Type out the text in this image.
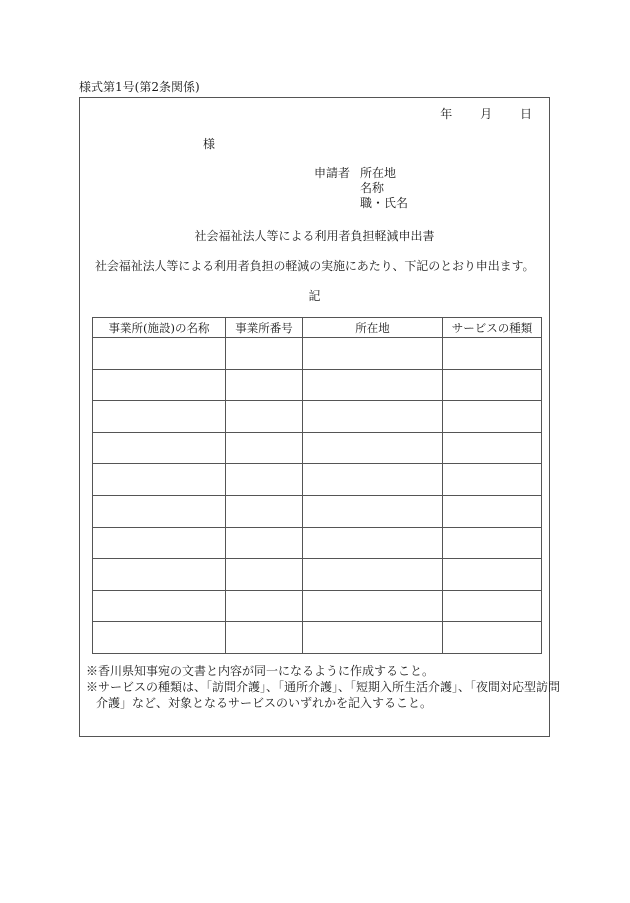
様式第1号(第2条関係)
年 月 日
様
申請者 所在地
名称
職・氏名
社会福祉法人等による利用者負担軽減申出書
社会福祉法人等による利用者負担の軽減の実施にあたり、下記のとおり申出ます。
記
事業所(施設)の名称	事業所番号	所在地	サービスの種類

※香川県知事宛の文書と内容が同一になるように作成すること。
※サービスの種類は、「訪問介護」、「通所介護」、「短期入所生活介護」、「夜間対応型訪問
介護」など、対象となるサービスのいずれかを記入すること。
